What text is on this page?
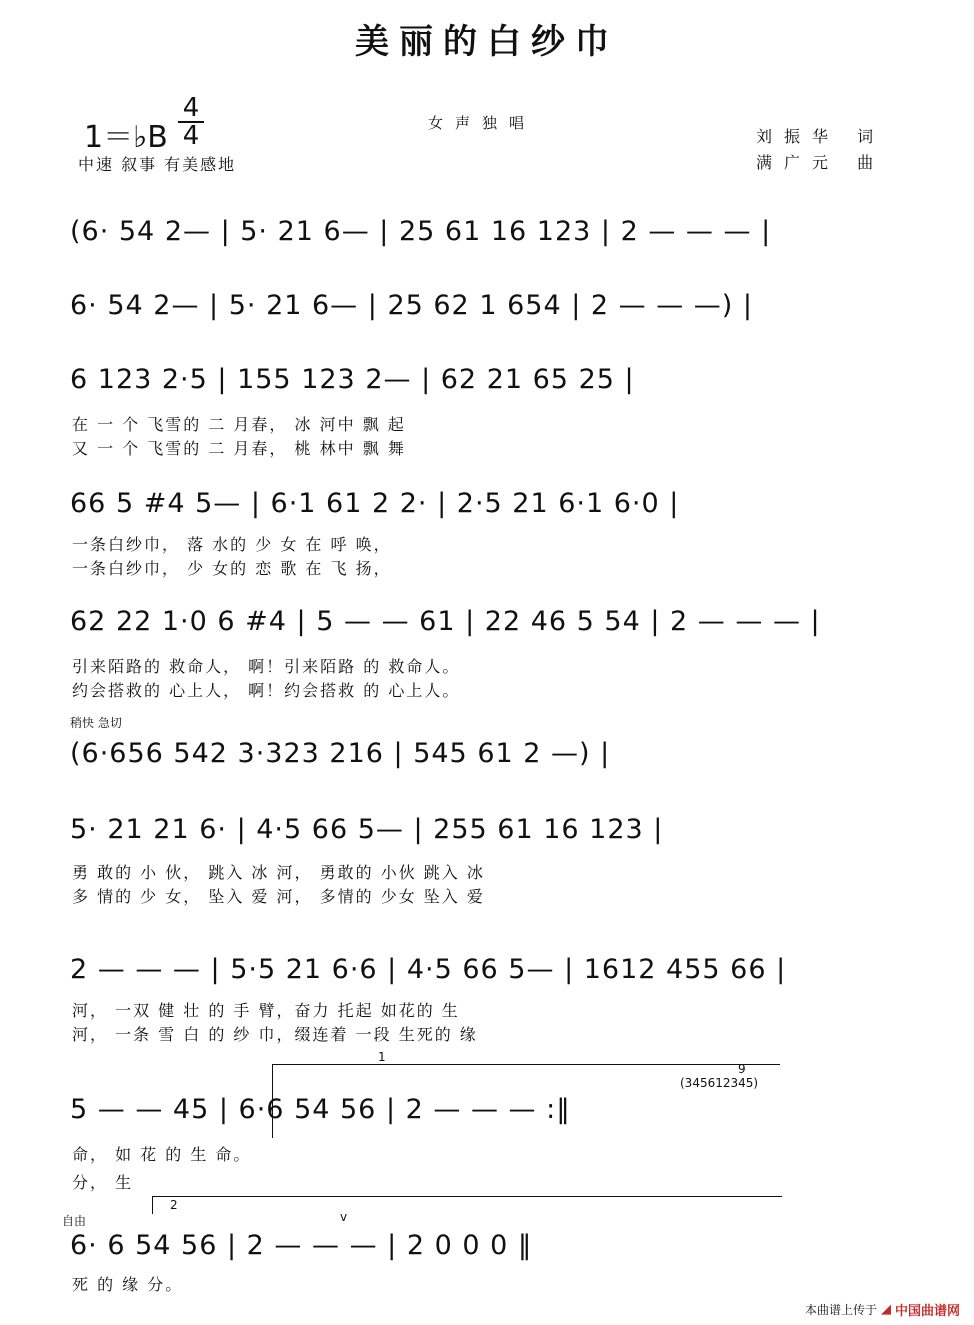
美丽的白纱巾
1＝♭B
4
4
中速 叙事 有美感地
女声独唱
刘振华 词
满广元 曲
(6· 54 2— | 5· 21 6— | 25 61 16 123 | 2 — — — |
6· 54 2— | 5· 21 6— | 25 62 1 654 | 2 — — —) |
6 123 2·5 | 155 123 2— | 62 21 65 25 |
在 一 个 飞雪的 二 月春， 冰 河中 飘 起
又 一 个 飞雪的 二 月春， 桃 林中 飘 舞
66 5 #4 5— | 6·1 61 2 2· | 2·5 21 6·1 6·0 |
一条白纱巾， 落 水的 少 女 在 呼 唤，
一条白纱巾， 少 女的 恋 歌 在 飞 扬，
62 22 1·0 6 #4 | 5 — — 61 | 22 46 5 54 | 2 — — — |
引来陌路的 救命人， 啊！引来陌路 的 救命人。
约会搭救的 心上人， 啊！约会搭救 的 心上人。
稍快 急切
(6·656 542 3·323 216 | 545 61 2 —) |
5· 21 21 6· | 4·5 66 5— | 255 61 16 123 |
勇 敢的 小 伙， 跳入 冰 河， 勇敢的 小伙 跳入 冰
多 情的 少 女， 坠入 爱 河， 多情的 少女 坠入 爱
2 — — — | 5·5 21 6·6 | 4·5 66 5— | 1612 455 66 |
河， 一双 健 壮 的 手 臂，奋力 托起 如花的 生
河， 一条 雪 白 的 纱 巾，缀连着 一段 生死的 缘
1
9
(345612345)
5 — — 45 | 6·6 54 56 | 2 — — — :‖
命， 如 花 的 生 命。
分， 生
2
自由	v
6· 6 54 56 | 2 — — — | 2 0 0 0 ‖
死 的 缘 分。
本曲谱上传于 ◢ 中国曲谱网
